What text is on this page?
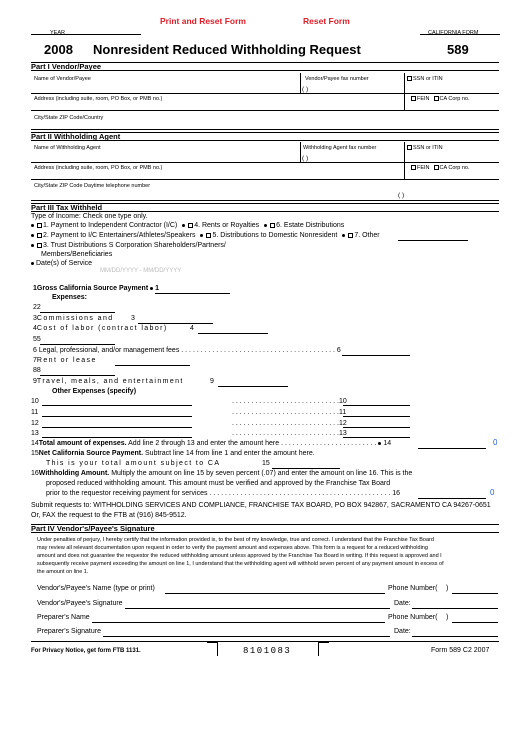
Print and Reset Form	Reset Form
YEAR	CALIFORNIA FORM
2008 Nonresident Reduced Withholding Request	589
Part I Vendor/Payee
Name of Vendor/Payee	Vendor/Payee fax number
( )
SSN or ITIN
Address (including suite, room, PO Box, or PMB no.)	FEIN CA Corp no.
City/State ZIP Code/Country
Part II Withholding Agent
Name of Withholding Agent	Withholding Agent fax number
( )
SSN or ITIN
Address (including suite, room, PO Box, or PMB no.)	FEIN CA Corp no.
City/State ZIP Code Daytime telephone number
( )
Part III Tax Withheld
Type of Income: Check one type only.
1. Payment to Independent Contractor (I/C) 4. Rents or Royalties 6. Estate Distributions
2. Payment to I/C Entertainers/Athletes/Speakers 5. Distributions to Domestic Nonresident 7. Other
3. Trust Distributions S Corporation Shareholders/Partners/
Members/Beneficiaries
Date(s) of Service
MM/DD/YYYY - MM/DD/YYYY
1Gross California Source Payment 1
Expenses:
22
3Commissions and 3
4Cost of labor (contract labor)	4
55
6 Legal, professional, and/or management fees . . . . . . . . . . . . . . . . . . . . . . . . . . . . . . . . . . . . . . . . 6
7Rent or lease
88
9Travel, meals, and entertainment	9
Other Expenses (specify)
10	. . . . . . . . . . . . . . . . . . . . . . . . . . . .10
11	. . . . . . . . . . . . . . . . . . . . . . . . . . . .11
12	. . . . . . . . . . . . . . . . . . . . . . . . . . . .12
13	. . . . . . . . . . . . . . . . . . . . . . . . . . . .13
14Total amount of expenses. Add line 2 through 13 and enter the amount here . . . . . . . . . . . . . . . . . . . . . . . . . 14	0
15Net California Source Payment. Subtract line 14 from line 1 and enter the amount here.
This is your total amount subject to CA	15
16Withholding Amount. Multiply the amount on line 15 by seven percent (.07) and enter the amount on line 16. This is the
proposed reduced withholding amount. This amount must be verified and approved by the Franchise Tax Board
prior to the requestor receiving payment for services . . . . . . . . . . . . . . . . . . . . . . . . . . . . . . . . . . . . . . . . . . . . . . . 16	0
Submit requests to: WITHHOLDING SERVICES AND COMPLIANCE, FRANCHISE TAX BOARD, PO BOX 942867, SACRAMENTO CA 94267-0651
Or, FAX the request to the FTB at (916) 845-9512.
Part IV Vendor's/Payee's Signature
Under penalties of perjury, I hereby certify that the information provided is, to the best of my knowledge, true and correct. I understand that the Franchise Tax Board
may review all relevant documentation upon request in order to verify the payment amount and expenses above. This form is a request for a reduced withholding
amount and does not guarantee the requestor the reduced withholding amount unless approved by the Franchise Tax Board in writing. If this request is approved and I
subsequently receive payment exceeding the amount on line 1, I understand that the withholding agent will withhold seven percent of any payment amount in excess of
the amount on line 1.
Vendor's/Payee's Name (type or print)	Phone Number( )
Vendor's/Payee's Signature	Date:
Preparer's Name	Phone Number( )
Preparer's Signature	Date:
For Privacy Notice, get form FTB 1131.	8101083	Form 589 C2 2007
